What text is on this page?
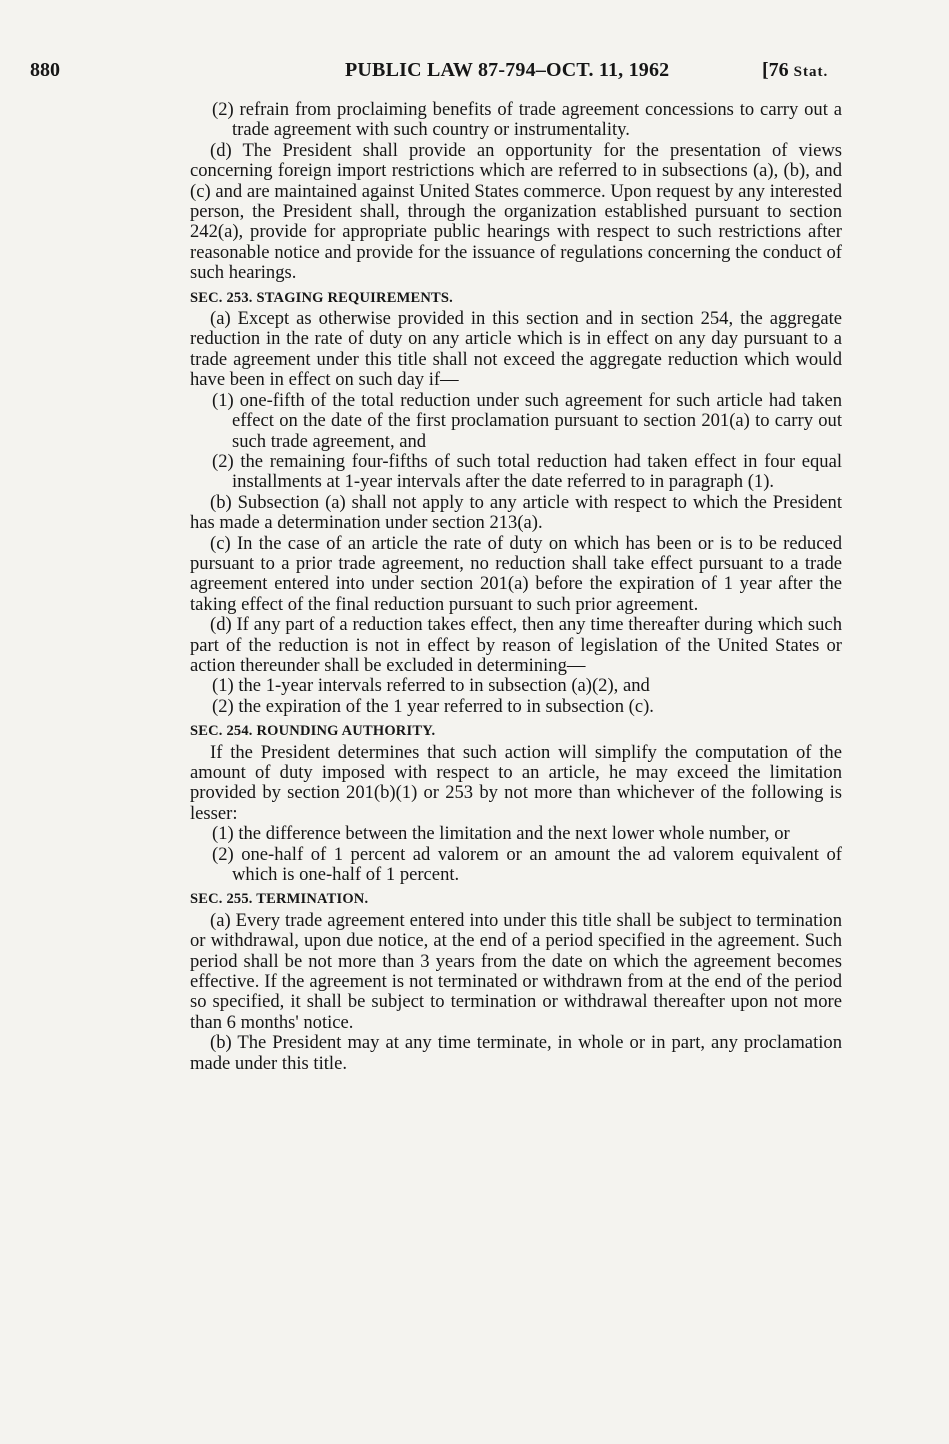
880	PUBLIC LAW 87-794–OCT. 11, 1962	[76 Stat.

(2) refrain from proclaiming benefits of trade agreement concessions to carry out a trade agreement with such country or instrumentality.

(d) The President shall provide an opportunity for the presentation of views concerning foreign import restrictions which are referred to in subsections (a), (b), and (c) and are maintained against United States commerce. Upon request by any interested person, the President shall, through the organization established pursuant to section 242(a), provide for appropriate public hearings with respect to such restrictions after reasonable notice and provide for the issuance of regulations concerning the conduct of such hearings.

SEC. 253. STAGING REQUIREMENTS.

(a) Except as otherwise provided in this section and in section 254, the aggregate reduction in the rate of duty on any article which is in effect on any day pursuant to a trade agreement under this title shall not exceed the aggregate reduction which would have been in effect on such day if—

(1) one-fifth of the total reduction under such agreement for such article had taken effect on the date of the first proclamation pursuant to section 201(a) to carry out such trade agreement, and

(2) the remaining four-fifths of such total reduction had taken effect in four equal installments at 1-year intervals after the date referred to in paragraph (1).

(b) Subsection (a) shall not apply to any article with respect to which the President has made a determination under section 213(a).

(c) In the case of an article the rate of duty on which has been or is to be reduced pursuant to a prior trade agreement, no reduction shall take effect pursuant to a trade agreement entered into under section 201(a) before the expiration of 1 year after the taking effect of the final reduction pursuant to such prior agreement.

(d) If any part of a reduction takes effect, then any time thereafter during which such part of the reduction is not in effect by reason of legislation of the United States or action thereunder shall be excluded in determining—

(1) the 1-year intervals referred to in subsection (a)(2), and

(2) the expiration of the 1 year referred to in subsection (c).

SEC. 254. ROUNDING AUTHORITY.

If the President determines that such action will simplify the computation of the amount of duty imposed with respect to an article, he may exceed the limitation provided by section 201(b)(1) or 253 by not more than whichever of the following is lesser:

(1) the difference between the limitation and the next lower whole number, or

(2) one-half of 1 percent ad valorem or an amount the ad valorem equivalent of which is one-half of 1 percent.

SEC. 255. TERMINATION.

(a) Every trade agreement entered into under this title shall be subject to termination or withdrawal, upon due notice, at the end of a period specified in the agreement. Such period shall be not more than 3 years from the date on which the agreement becomes effective. If the agreement is not terminated or withdrawn from at the end of the period so specified, it shall be subject to termination or withdrawal thereafter upon not more than 6 months' notice.

(b) The President may at any time terminate, in whole or in part, any proclamation made under this title.
